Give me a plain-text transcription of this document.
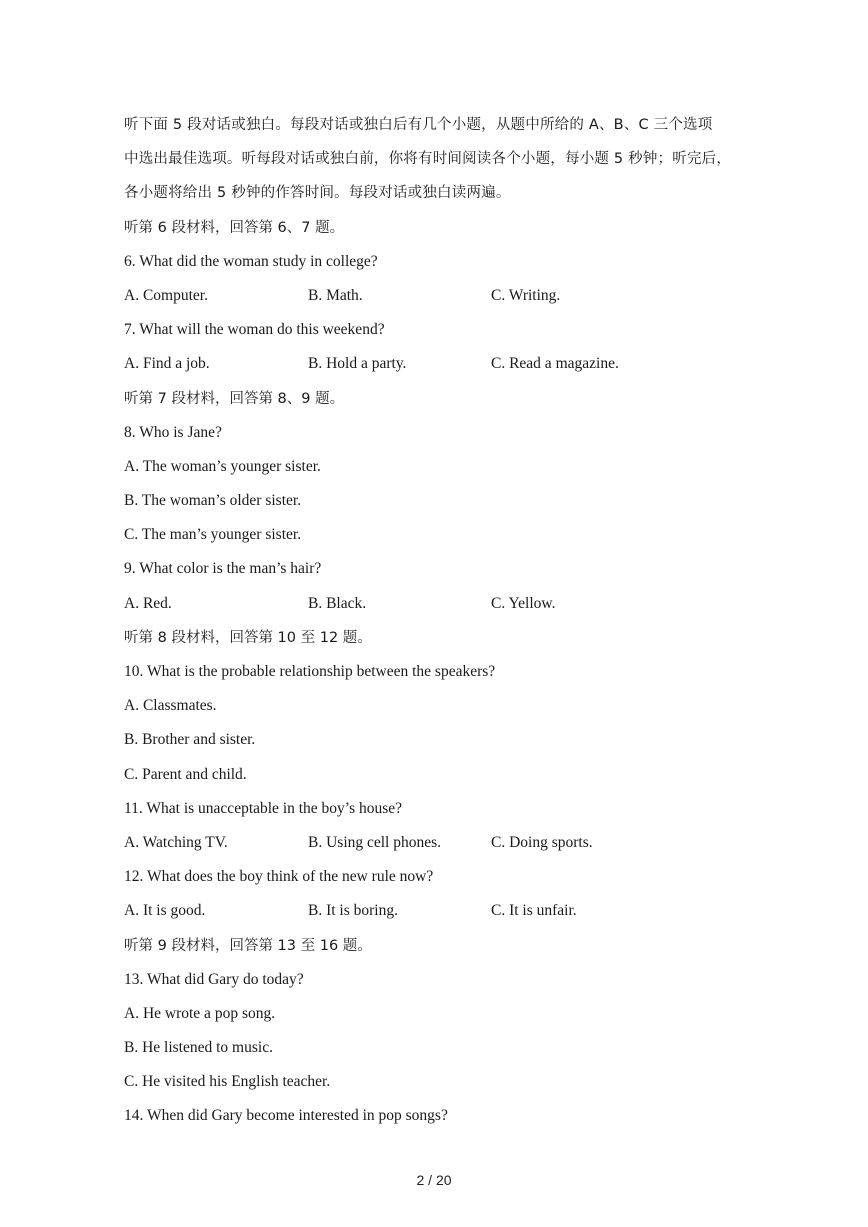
听下面 5 段对话或独白。每段对话或独白后有几个小题，从题中所给的 A、B、C 三个选项
中选出最佳选项。听每段对话或独白前，你将有时间阅读各个小题，每小题 5 秒钟；听完后，
各小题将给出 5 秒钟的作答时间。每段对话或独白读两遍。
听第 6 段材料，回答第 6、7 题。
6. What did the woman study in college?
A. Computer.	B. Math.	C. Writing.
7. What will the woman do this weekend?
A. Find a job.	B. Hold a party.	C. Read a magazine.
听第 7 段材料，回答第 8、9 题。
8. Who is Jane?
A. The woman’s younger sister.
B. The woman’s older sister.
C. The man’s younger sister.
9. What color is the man’s hair?
A. Red.	B. Black.	C. Yellow.
听第 8 段材料，回答第 10 至 12 题。
10. What is the probable relationship between the speakers?
A. Classmates.
B. Brother and sister.
C. Parent and child.
11. What is unacceptable in the boy’s house?
A. Watching TV.	B. Using cell phones.	C. Doing sports.
12. What does the boy think of the new rule now?
A. It is good.	B. It is boring.	C. It is unfair.
听第 9 段材料，回答第 13 至 16 题。
13. What did Gary do today?
A. He wrote a pop song.
B. He listened to music.
C. He visited his English teacher.
14. When did Gary become interested in pop songs?
2 / 20
